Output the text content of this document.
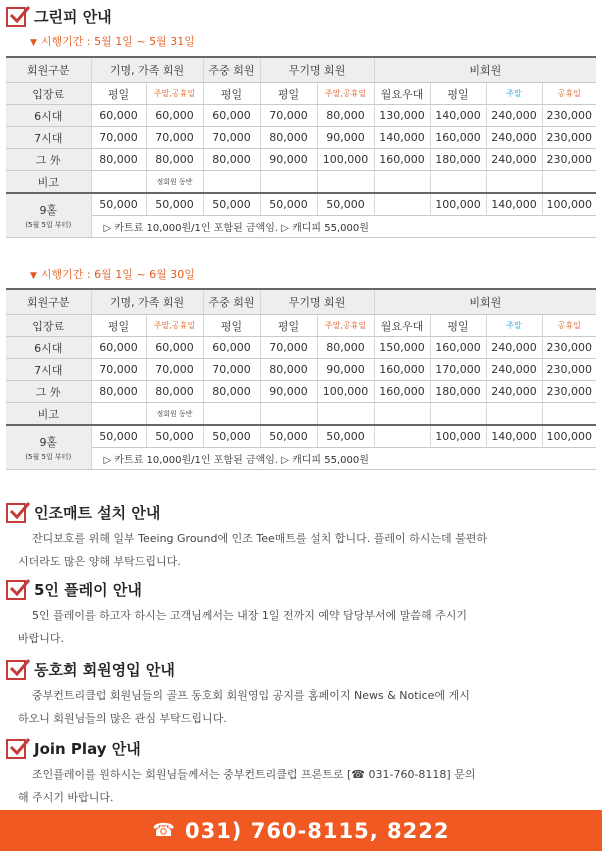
그린피 안내
▼ 시행기간 : 5월 1일 ~ 5월 31일
회원구분	기명, 가족 회원		주중 회원	무기명 회원		비회원			
입장료	평일	주말,공휴일	평일	평일	주말,공휴일	월요우대	평일	주말	공휴일
6시대	60,000	60,000	60,000	70,000	80,000	130,000	140,000	240,000	230,000
7시대	70,000	70,000	70,000	80,000	90,000	140,000	160,000	240,000	230,000
그 外	80,000	80,000	80,000	90,000	100,000	160,000	180,000	240,000	230,000
비고		정회원 동반							
9홀
(5월 5일 부터)	50,000	50,000	50,000	50,000	50,000		100,000	140,000	100,000
	▷ 카트료 10,000원/1인 포함된 금액임. ▷ 캐디피 55,000원								
▼ 시행기간 : 6월 1일 ~ 6월 30일
회원구분	기명, 가족 회원		주중 회원	무기명 회원		비회원			
입장료	평일	주말,공휴일	평일	평일	주말,공휴일	월요우대	평일	주말	공휴일
6시대	60,000	60,000	60,000	70,000	80,000	150,000	160,000	240,000	230,000
7시대	70,000	70,000	70,000	80,000	90,000	160,000	170,000	240,000	230,000
그 外	80,000	80,000	80,000	90,000	100,000	160,000	180,000	240,000	230,000
비고		정회원 동반							
9홀
(5월 5일 부터)	50,000	50,000	50,000	50,000	50,000		100,000	140,000	100,000
	▷ 카트료 10,000원/1인 포함된 금액임. ▷ 캐디피 55,000원								
인조매트 설치 안내
잔디보호를 위해 일부 Teeing Ground에 인조 Tee매트를 설치 합니다. 플레이 하시는데 불편하
시더라도 많은 양해 부탁드립니다.
5인 플레이 안내
5인 플레이를 하고자 하시는 고객님께서는 내장 1일 전까지 예약 담당부서에 말씀해 주시기
바랍니다.
동호회 회원영입 안내
중부컨트리클럽 회원님들의 골프 동호회 회원영입 공지를 홈페이지 News & Notice에 게시
하오니 회원님들의 많은 관심 부탁드립니다.
Join Play 안내
조인플레이를 원하시는 회원님들께서는 중부컨트리클럽 프론트로 [☎ 031-760-8118] 문의
해 주시기 바랍니다.
☎ 031) 760-8115, 8222
